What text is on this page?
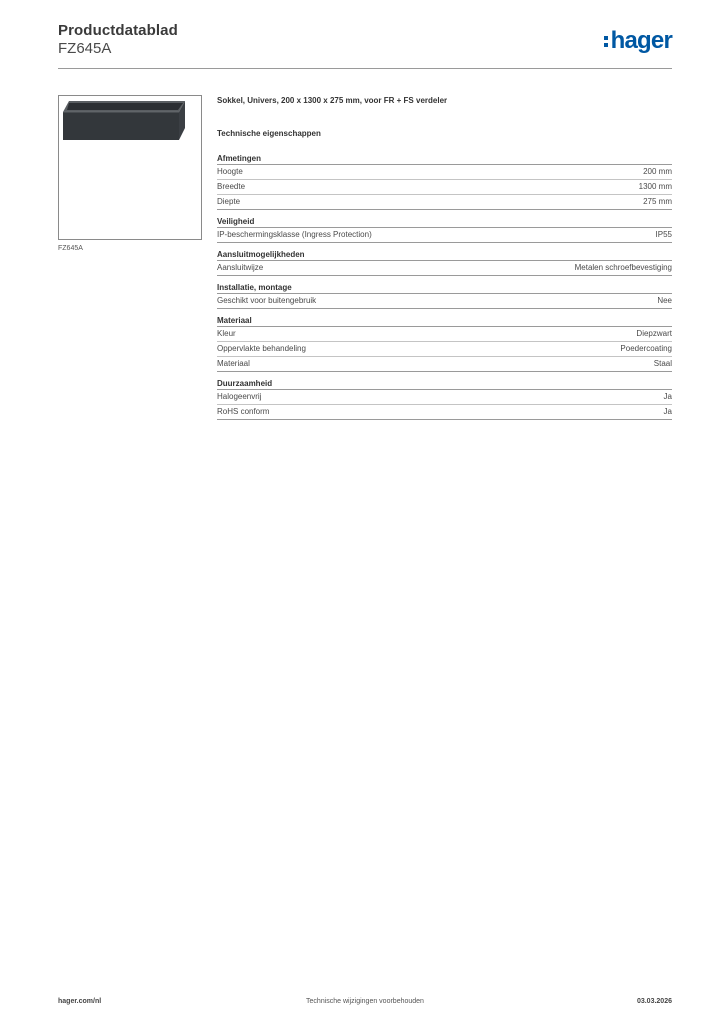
Productdatablad
FZ645A	hager
FZ645A
Sokkel, Univers, 200 x 1300 x 275 mm, voor FR + FS verdeler
Technische eigenschappen
Afmetingen
Hoogte	200 mm
Breedte	1300 mm
Diepte	275 mm
Veiligheid
IP-beschermingsklasse (Ingress Protection)	IP55
Aansluitmogelijkheden
Aansluitwijze	Metalen schroefbevestiging
Installatie, montage
Geschikt voor buitengebruik	Nee
Materiaal
Kleur	Diepzwart
Oppervlakte behandeling	Poedercoating
Materiaal	Staal
Duurzaamheid
Halogeenvrij	Ja
RoHS conform	Ja
hager.com/nl	Technische wijzigingen voorbehouden	03.03.2026
